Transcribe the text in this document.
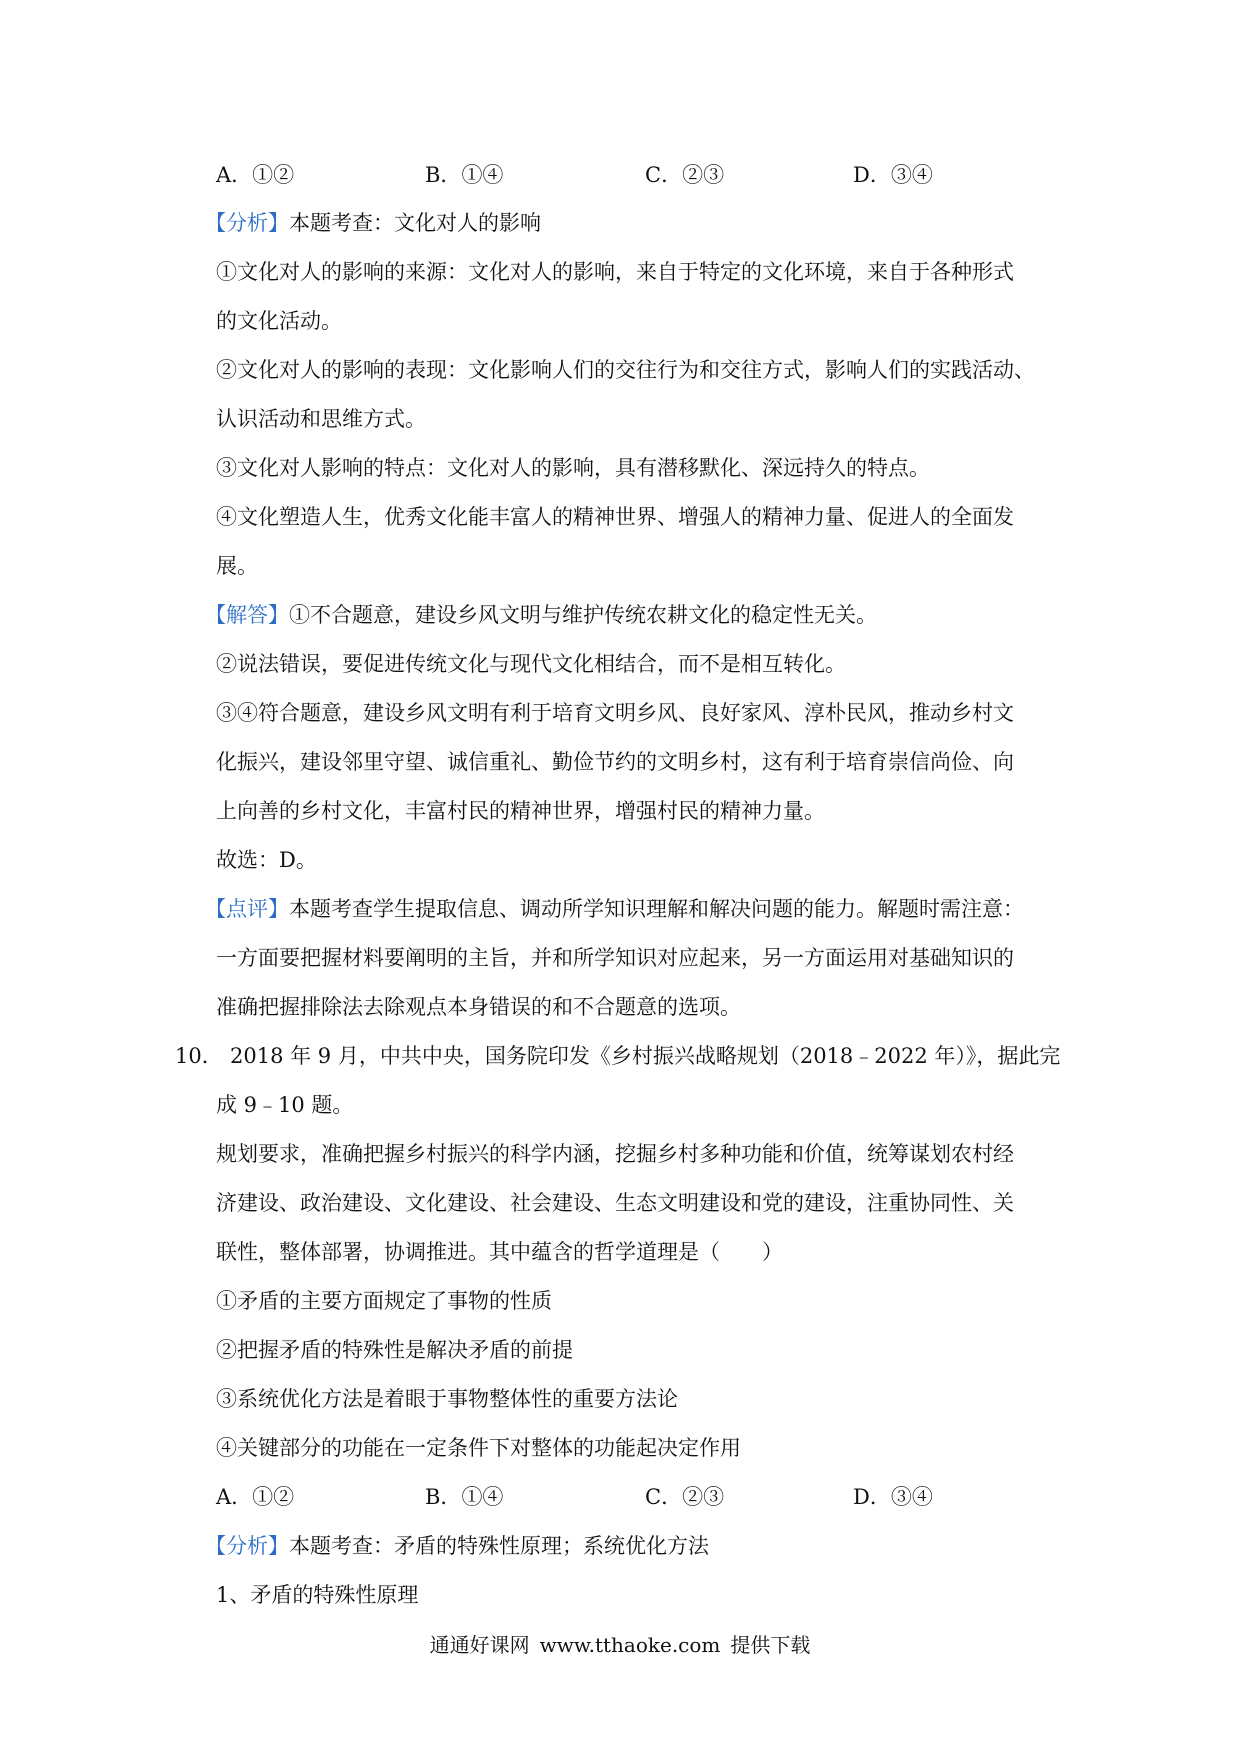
A．①②	B．①④	C．②③	D．③④
【分析】本题考查：文化对人的影响
①文化对人的影响的来源：文化对人的影响，来自于特定的文化环境，来自于各种形式
的文化活动。
②文化对人的影响的表现：文化影响人们的交往行为和交往方式，影响人们的实践活动、
认识活动和思维方式。
③文化对人影响的特点：文化对人的影响，具有潜移默化、深远持久的特点。
④文化塑造人生，优秀文化能丰富人的精神世界、增强人的精神力量、促进人的全面发
展。
【解答】①不合题意，建设乡风文明与维护传统农耕文化的稳定性无关。
②说法错误，要促进传统文化与现代文化相结合，而不是相互转化。
③④符合题意，建设乡风文明有利于培育文明乡风、良好家风、淳朴民风，推动乡村文
化振兴，建设邻里守望、诚信重礼、勤俭节约的文明乡村，这有利于培育崇信尚俭、向
上向善的乡村文化，丰富村民的精神世界，增强村民的精神力量。
故选：D。
【点评】本题考查学生提取信息、调动所学知识理解和解决问题的能力。解题时需注意：
一方面要把握材料要阐明的主旨，并和所学知识对应起来，另一方面运用对基础知识的
准确把握排除法去除观点本身错误的和不合题意的选项。
10． 2018 年 9 月，中共中央，国务院印发《乡村振兴战略规划（2018﹣2022 年）》，据此完
成 9﹣10 题。
规划要求，准确把握乡村振兴的科学内涵，挖掘乡村多种功能和价值，统筹谋划农村经
济建设、政治建设、文化建设、社会建设、生态文明建设和党的建设，注重协同性、关
联性，整体部署，协调推进。其中蕴含的哲学道理是（　　）
①矛盾的主要方面规定了事物的性质
②把握矛盾的特殊性是解决矛盾的前提
③系统优化方法是着眼于事物整体性的重要方法论
④关键部分的功能在一定条件下对整体的功能起决定作用
A．①②	B．①④	C．②③	D．③④
【分析】本题考查：矛盾的特殊性原理；系统优化方法
1、矛盾的特殊性原理
通通好课网 www.tthaoke.com 提供下载
